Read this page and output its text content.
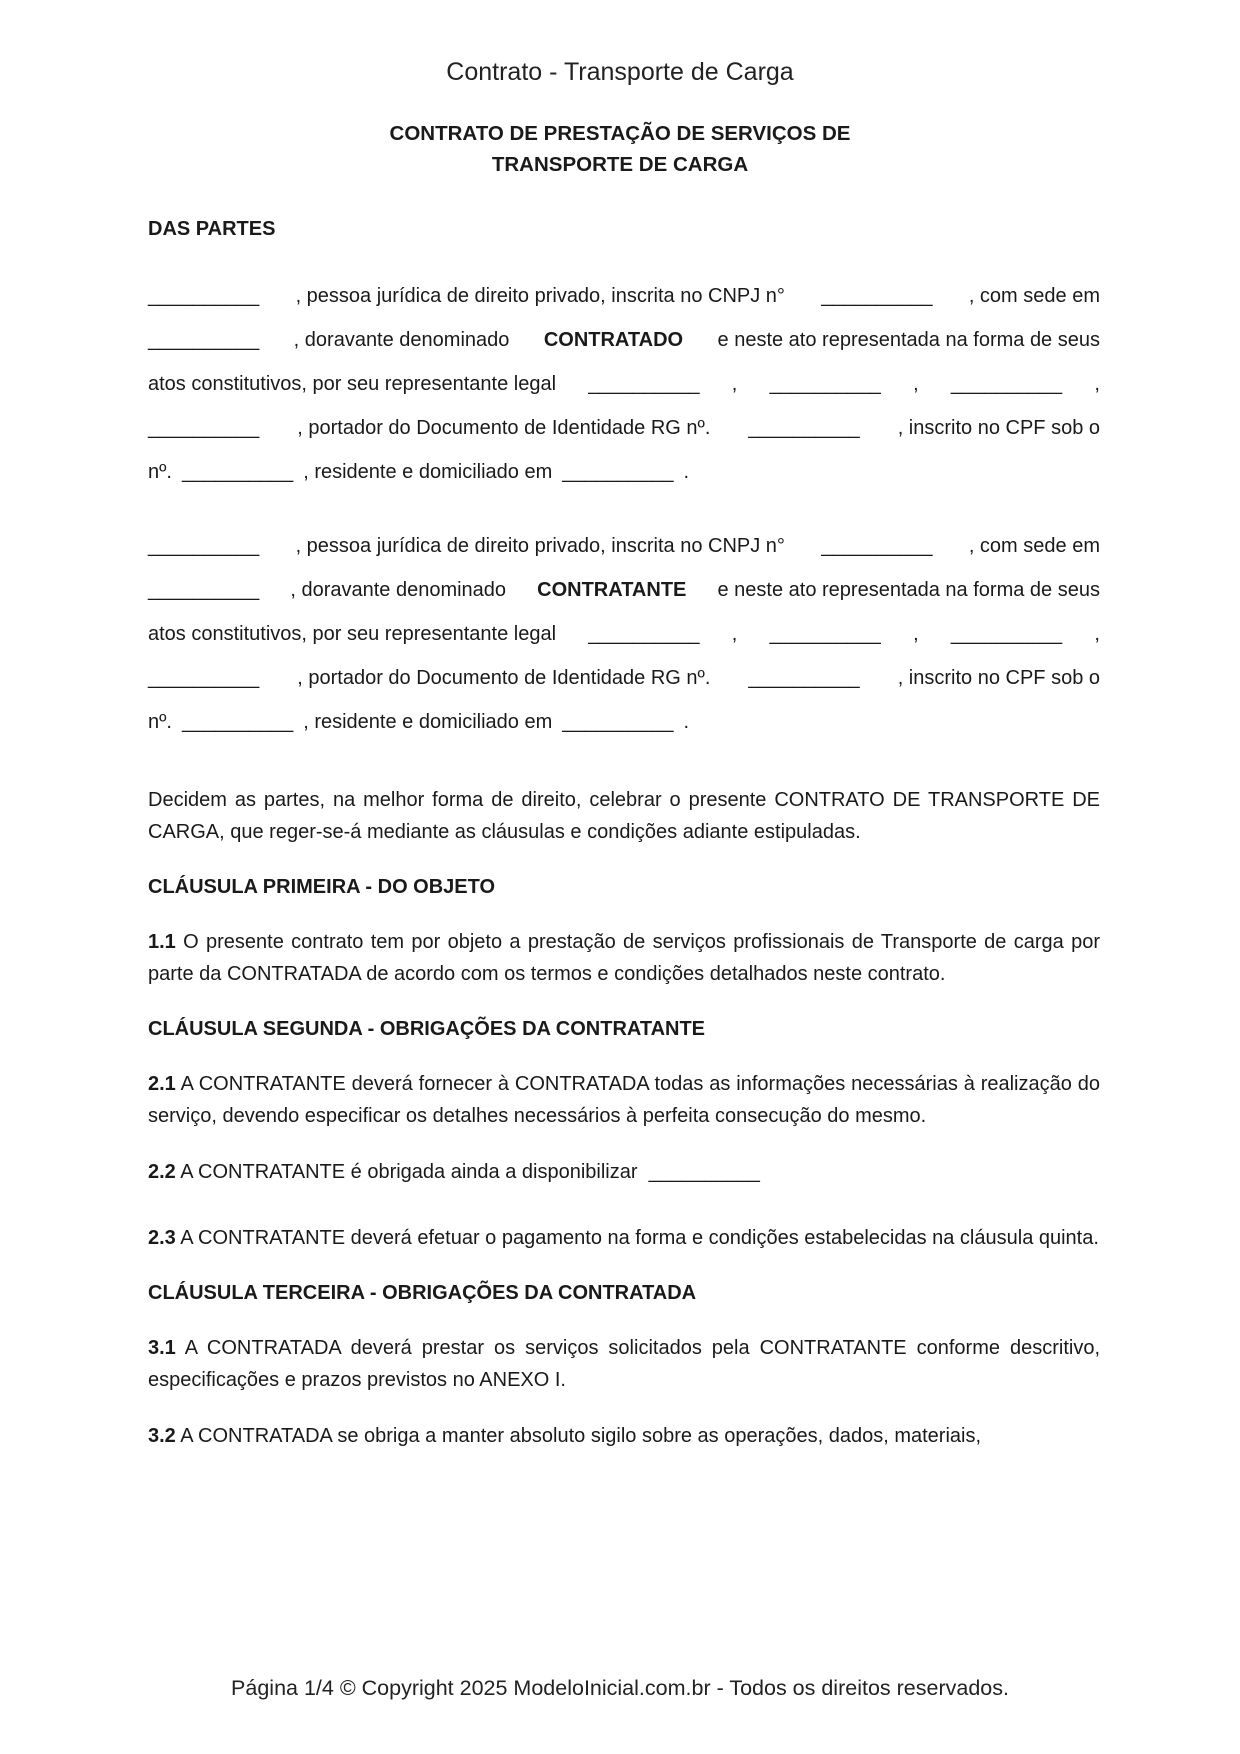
Contrato - Transporte de Carga
CONTRATO DE PRESTAÇÃO DE SERVIÇOS DE
TRANSPORTE DE CARGA
DAS PARTES
__________ , pessoa jurídica de direito privado, inscrita no CNPJ n° __________ , com sede em
__________ , doravante denominado CONTRATADO e neste ato representada na forma de seus
atos constitutivos, por seu representante legal __________ , __________ , __________ ,
__________ , portador do Documento de Identidade RG nº. __________ , inscrito no CPF sob o
nº. __________ , residente e domiciliado em __________ .
__________ , pessoa jurídica de direito privado, inscrita no CNPJ n° __________ , com sede em
__________ , doravante denominado CONTRATANTE e neste ato representada na forma de seus
atos constitutivos, por seu representante legal __________ , __________ , __________ ,
__________ , portador do Documento de Identidade RG nº. __________ , inscrito no CPF sob o
nº. __________ , residente e domiciliado em __________ .

Decidem as partes, na melhor forma de direito, celebrar o presente CONTRATO DE TRANSPORTE DE CARGA, que reger-se-á mediante as cláusulas e condições adiante estipuladas.

CLÁUSULA PRIMEIRA - DO OBJETO

1.1 O presente contrato tem por objeto a prestação de serviços profissionais de Transporte de carga por parte da CONTRATADA de acordo com os termos e condições detalhados neste contrato.

CLÁUSULA SEGUNDA - OBRIGAÇÕES DA CONTRATANTE

2.1 A CONTRATANTE deverá fornecer à CONTRATADA todas as informações necessárias à realização do serviço, devendo especificar os detalhes necessários à perfeita consecução do mesmo.

2.2 A CONTRATANTE é obrigada ainda a disponibilizar __________

2.3 A CONTRATANTE deverá efetuar o pagamento na forma e condições estabelecidas na cláusula quinta.

CLÁUSULA TERCEIRA - OBRIGAÇÕES DA CONTRATADA

3.1 A CONTRATADA deverá prestar os serviços solicitados pela CONTRATANTE conforme descritivo, especificações e prazos previstos no ANEXO I.

3.2 A CONTRATADA se obriga a manter absoluto sigilo sobre as operações, dados, materiais,

Página 1/4 © Copyright 2025 ModeloInicial.com.br - Todos os direitos reservados.
